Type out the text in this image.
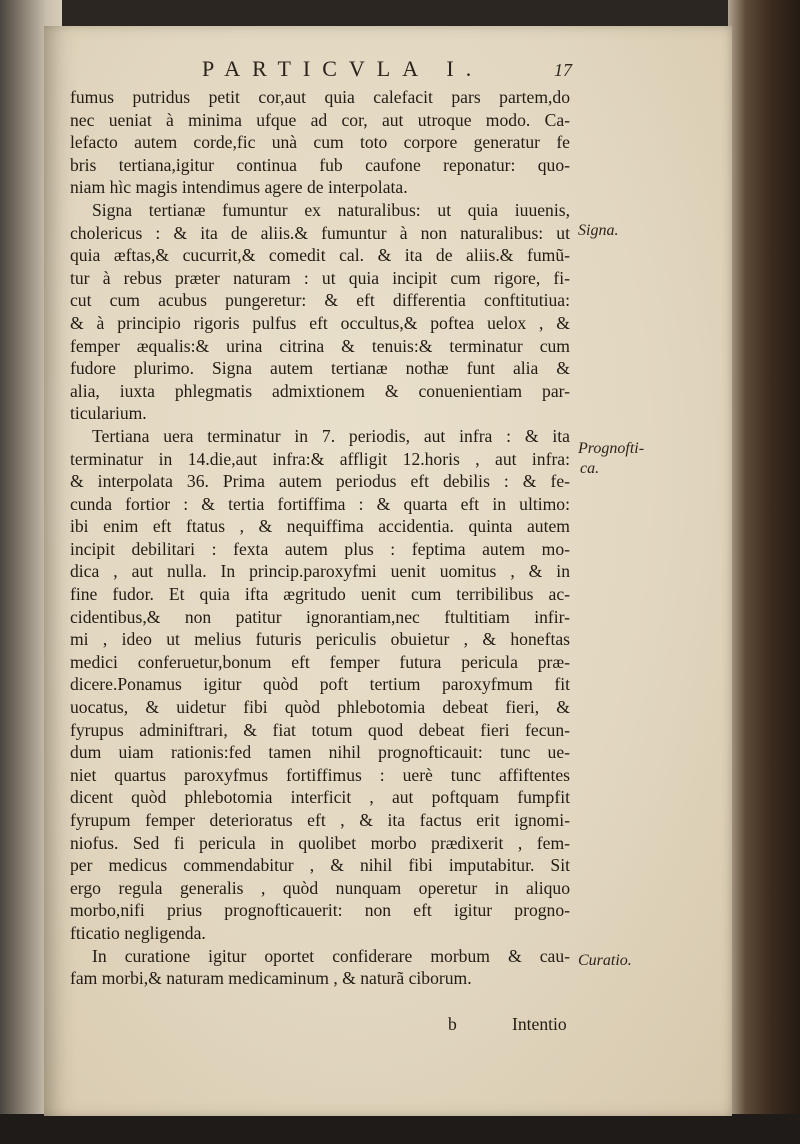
PARTICVLA I.	17
fumus putridus petit cor,aut quia calefacit pars partem,do
nec ueniat à minima ufque ad cor, aut utroque modo. Ca-
lefacto autem corde,fic unà cum toto corpore generatur fe
bris tertiana,igitur continua fub caufone reponatur: quo-
niam hìc magis intendimus agere de interpolata.
Signa tertianæ fumuntur ex naturalibus: ut quia iuuenis,
cholericus : & ita de aliis.& fumuntur à non naturalibus: ut
quia æftas,& cucurrit,& comedit cal. & ita de aliis.& fumũ-
tur à rebus præter naturam : ut quia incipit cum rigore, fi-
cut cum acubus pungeretur: & eft differentia conftitutiua:
& à principio rigoris pulfus eft occultus,& poftea uelox , &
femper æqualis:& urina citrina & tenuis:& terminatur cum
fudore plurimo. Signa autem tertianæ nothæ funt alia &
alia, iuxta phlegmatis admixtionem & conuenientiam par-
ticularium.
Tertiana uera terminatur in 7. periodis, aut infra : & ita
terminatur in 14.die,aut infra:& affligit 12.horis , aut infra:
& interpolata 36. Prima autem periodus eft debilis : & fe-
cunda fortior : & tertia fortiffima : & quarta eft in ultimo:
ibi enim eft ftatus , & nequiffima accidentia. quinta autem
incipit debilitari : fexta autem plus : feptima autem mo-
dica , aut nulla. In princip.paroxyfmi uenit uomitus , & in
fine fudor. Et quia ifta ægritudo uenit cum terribilibus ac-
cidentibus,& non patitur ignorantiam,nec ftultitiam infir-
mi , ideo ut melius futuris periculis obuietur , & honeftas
medici conferuetur,bonum eft femper futura pericula præ-
dicere.Ponamus igitur quòd poft tertium paroxyfmum fit
uocatus, & uidetur fibi quòd phlebotomia debeat fieri, &
fyrupus adminiftrari, & fiat totum quod debeat fieri fecun-
dum uiam rationis:fed tamen nihil prognofticauit: tunc ue-
niet quartus paroxyfmus fortiffimus : uerè tunc affiftentes
dicent quòd phlebotomia interficit , aut poftquam fumpfit
fyrupum femper deterioratus eft , & ita factus erit ignomi-
niofus. Sed fi pericula in quolibet morbo prædixerit , fem-
per medicus commendabitur , & nihil fibi imputabitur. Sit
ergo regula generalis , quòd nunquam operetur in aliquo
morbo,nifi prius prognofticauerit: non eft igitur progno-
fticatio negligenda.
In curatione igitur oportet confiderare morbum & cau-
fam morbi,& naturam medicaminum , & naturã ciborum.
Signa.
Prognofti-
ca.
Curatio.
b	Intentio
